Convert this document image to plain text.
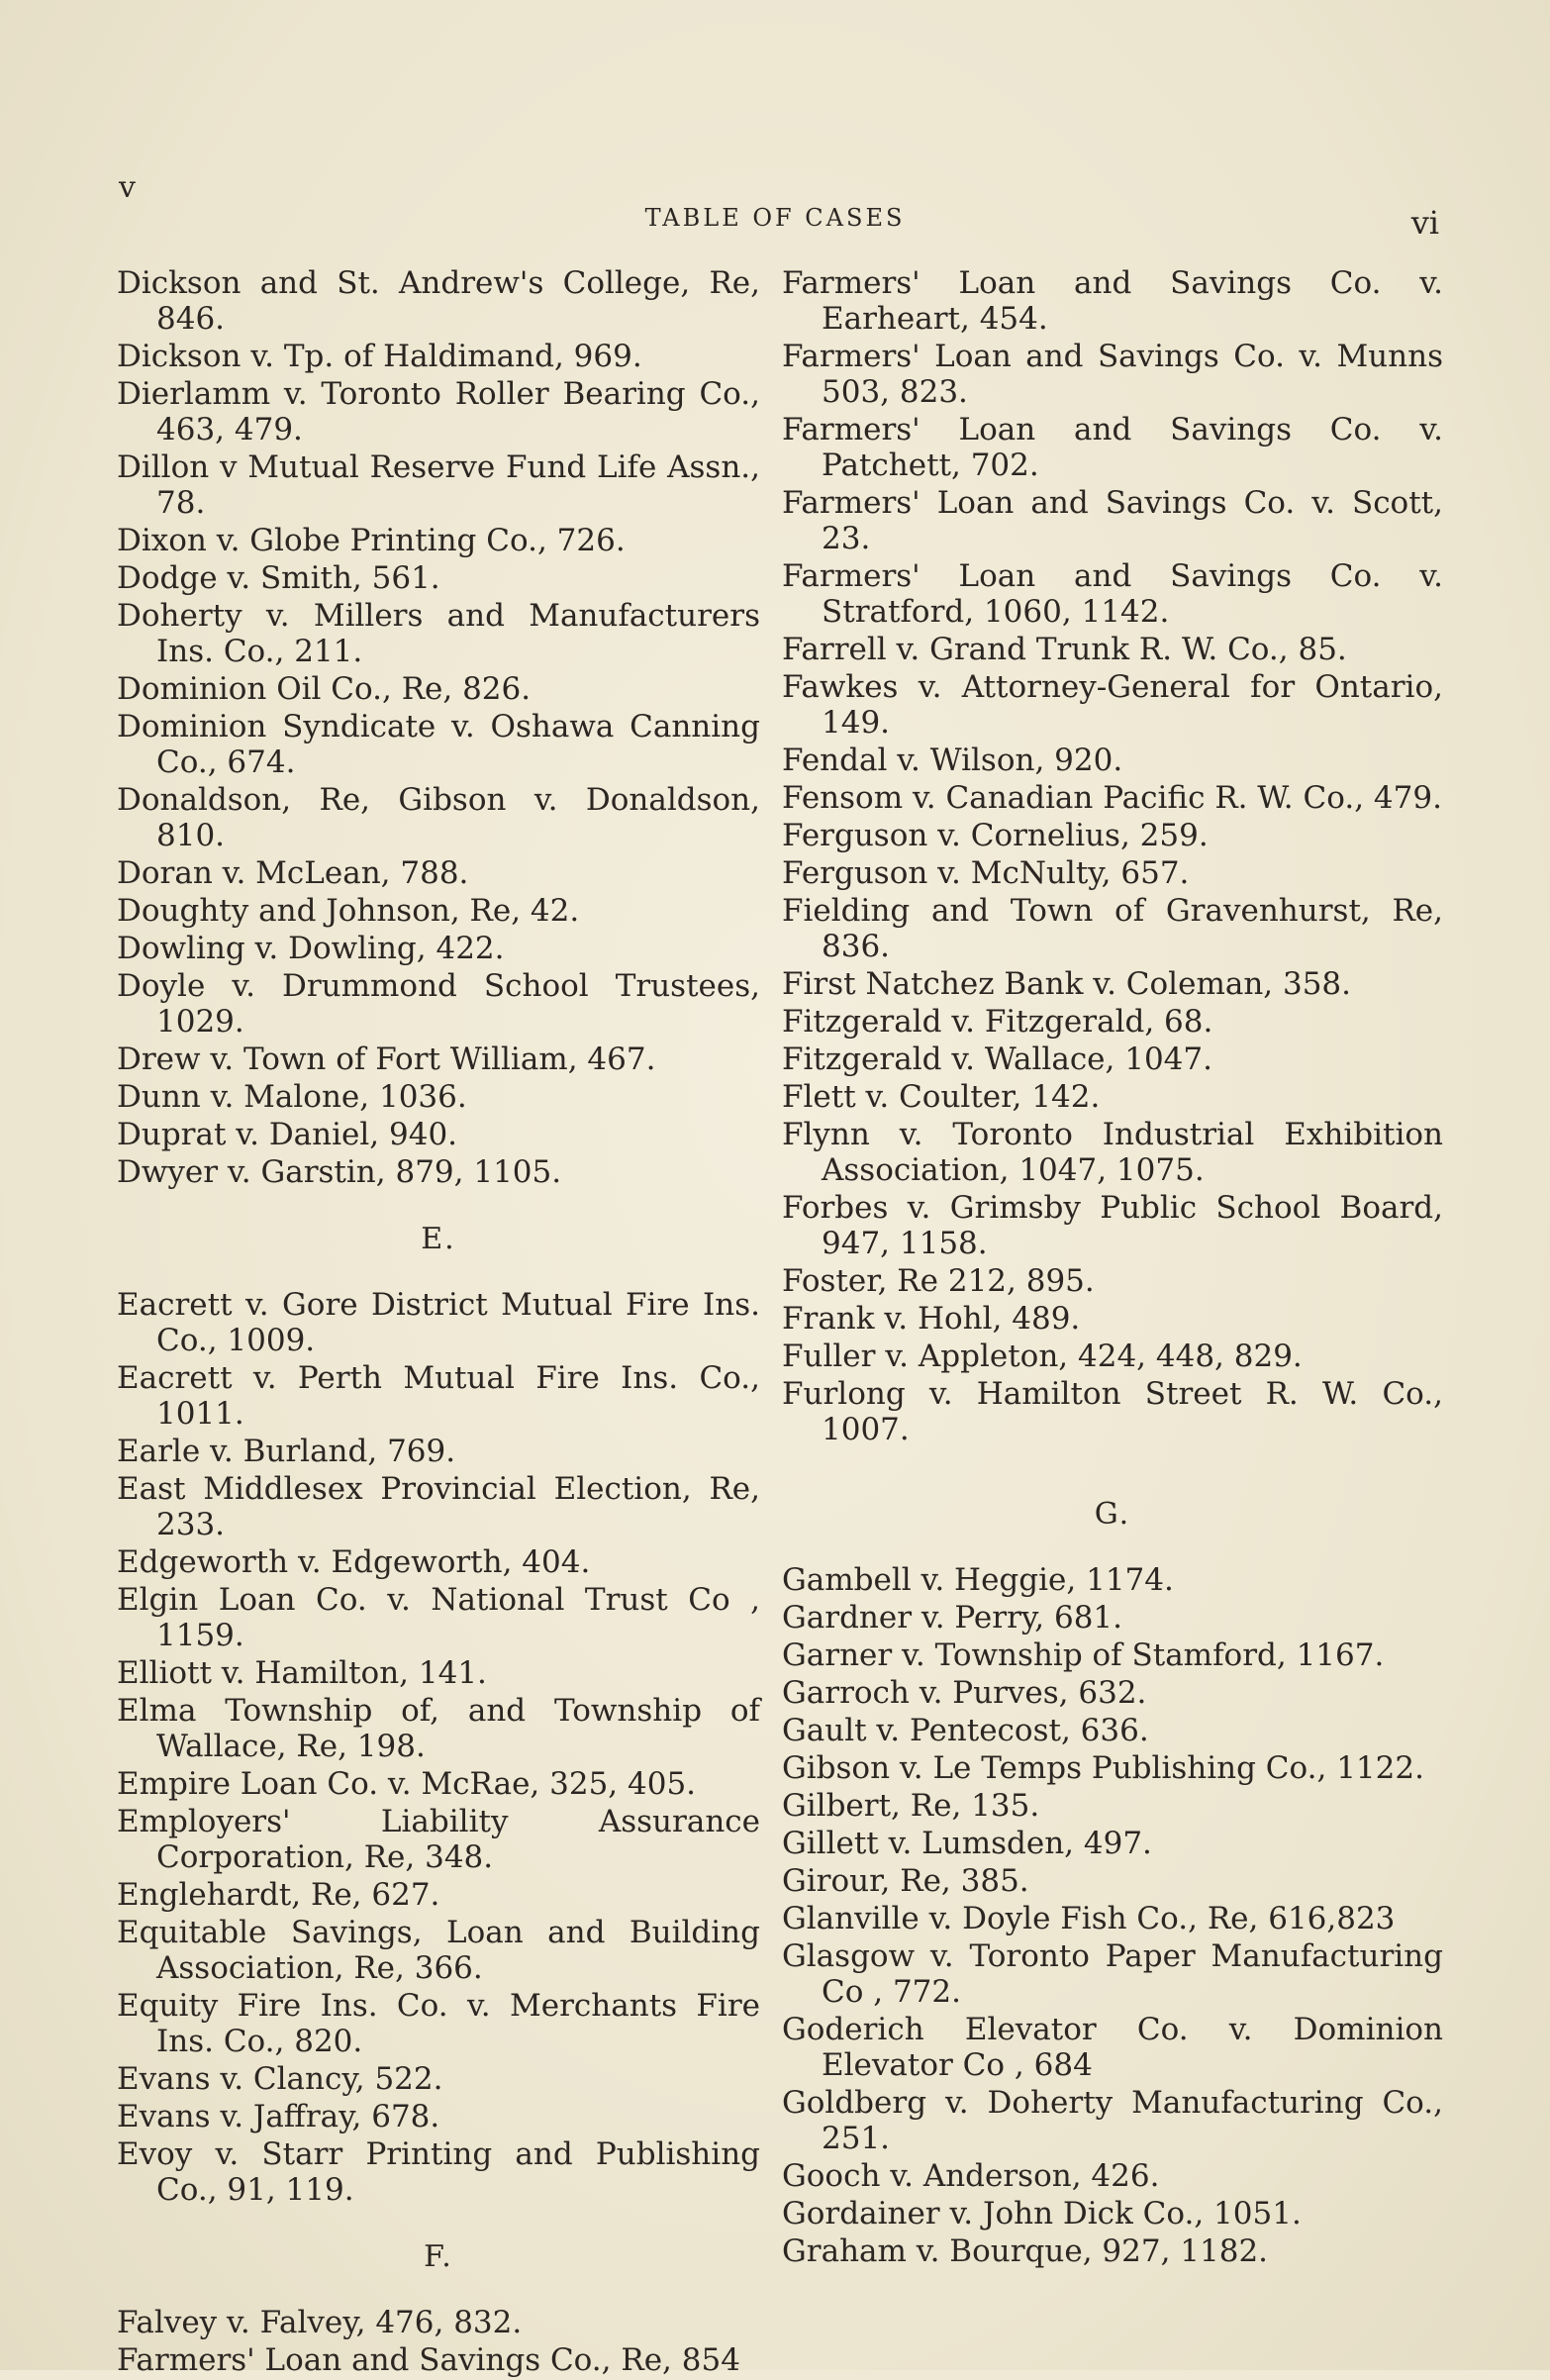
v
TABLE OF CASES	vi
Dickson and St. Andrew's College, Re, 846.
Dickson v. Tp. of Haldimand, 969.
Dierlamm v. Toronto Roller Bearing Co., 463, 479.
Dillon v Mutual Reserve Fund Life Assn., 78.
Dixon v. Globe Printing Co., 726.
Dodge v. Smith, 561.
Doherty v. Millers and Manufacturers Ins. Co., 211.
Dominion Oil Co., Re, 826.
Dominion Syndicate v. Oshawa Canning Co., 674.
Donaldson, Re, Gibson v. Donaldson, 810.
Doran v. McLean, 788.
Doughty and Johnson, Re, 42.
Dowling v. Dowling, 422.
Doyle v. Drummond School Trustees, 1029.
Drew v. Town of Fort William, 467.
Dunn v. Malone, 1036.
Duprat v. Daniel, 940.
Dwyer v. Garstin, 879, 1105.
E.
Eacrett v. Gore District Mutual Fire Ins. Co., 1009.
Eacrett v. Perth Mutual Fire Ins. Co., 1011.
Earle v. Burland, 769.
East Middlesex Provincial Election, Re, 233.
Edgeworth v. Edgeworth, 404.
Elgin Loan Co. v. National Trust Co , 1159.
Elliott v. Hamilton, 141.
Elma Township of, and Township of Wallace, Re, 198.
Empire Loan Co. v. McRae, 325, 405.
Employers' Liability Assurance Corporation, Re, 348.
Englehardt, Re, 627.
Equitable Savings, Loan and Building Association, Re, 366.
Equity Fire Ins. Co. v. Merchants Fire Ins. Co., 820.
Evans v. Clancy, 522.
Evans v. Jaffray, 678.
Evoy v. Starr Printing and Publishing Co., 91, 119.
F.
Falvey v. Falvey, 476, 832.
Farmers' Loan and Savings Co., Re, 854
Farmers' Loan and Savings Co. v. Earheart, 454.
Farmers' Loan and Savings Co. v. Munns 503, 823.
Farmers' Loan and Savings Co. v. Patchett, 702.
Farmers' Loan and Savings Co. v. Scott, 23.
Farmers' Loan and Savings Co. v. Stratford, 1060, 1142.
Farrell v. Grand Trunk R. W. Co., 85.
Fawkes v. Attorney-General for Ontario, 149.
Fendal v. Wilson, 920.
Fensom v. Canadian Pacific R. W. Co., 479.
Ferguson v. Cornelius, 259.
Ferguson v. McNulty, 657.
Fielding and Town of Gravenhurst, Re, 836.
First Natchez Bank v. Coleman, 358.
Fitzgerald v. Fitzgerald, 68.
Fitzgerald v. Wallace, 1047.
Flett v. Coulter, 142.
Flynn v. Toronto Industrial Exhibition Association, 1047, 1075.
Forbes v. Grimsby Public School Board, 947, 1158.
Foster, Re 212, 895.
Frank v. Hohl, 489.
Fuller v. Appleton, 424, 448, 829.
Furlong v. Hamilton Street R. W. Co., 1007.
G.
Gambell v. Heggie, 1174.
Gardner v. Perry, 681.
Garner v. Township of Stamford, 1167.
Garroch v. Purves, 632.
Gault v. Pentecost, 636.
Gibson v. Le Temps Publishing Co., 1122.
Gilbert, Re, 135.
Gillett v. Lumsden, 497.
Girour, Re, 385.
Glanville v. Doyle Fish Co., Re, 616,823
Glasgow v. Toronto Paper Manufacturing Co , 772.
Goderich Elevator Co. v. Dominion Elevator Co , 684
Goldberg v. Doherty Manufacturing Co., 251.
Gooch v. Anderson, 426.
Gordainer v. John Dick Co., 1051.
Graham v. Bourque, 927, 1182.
